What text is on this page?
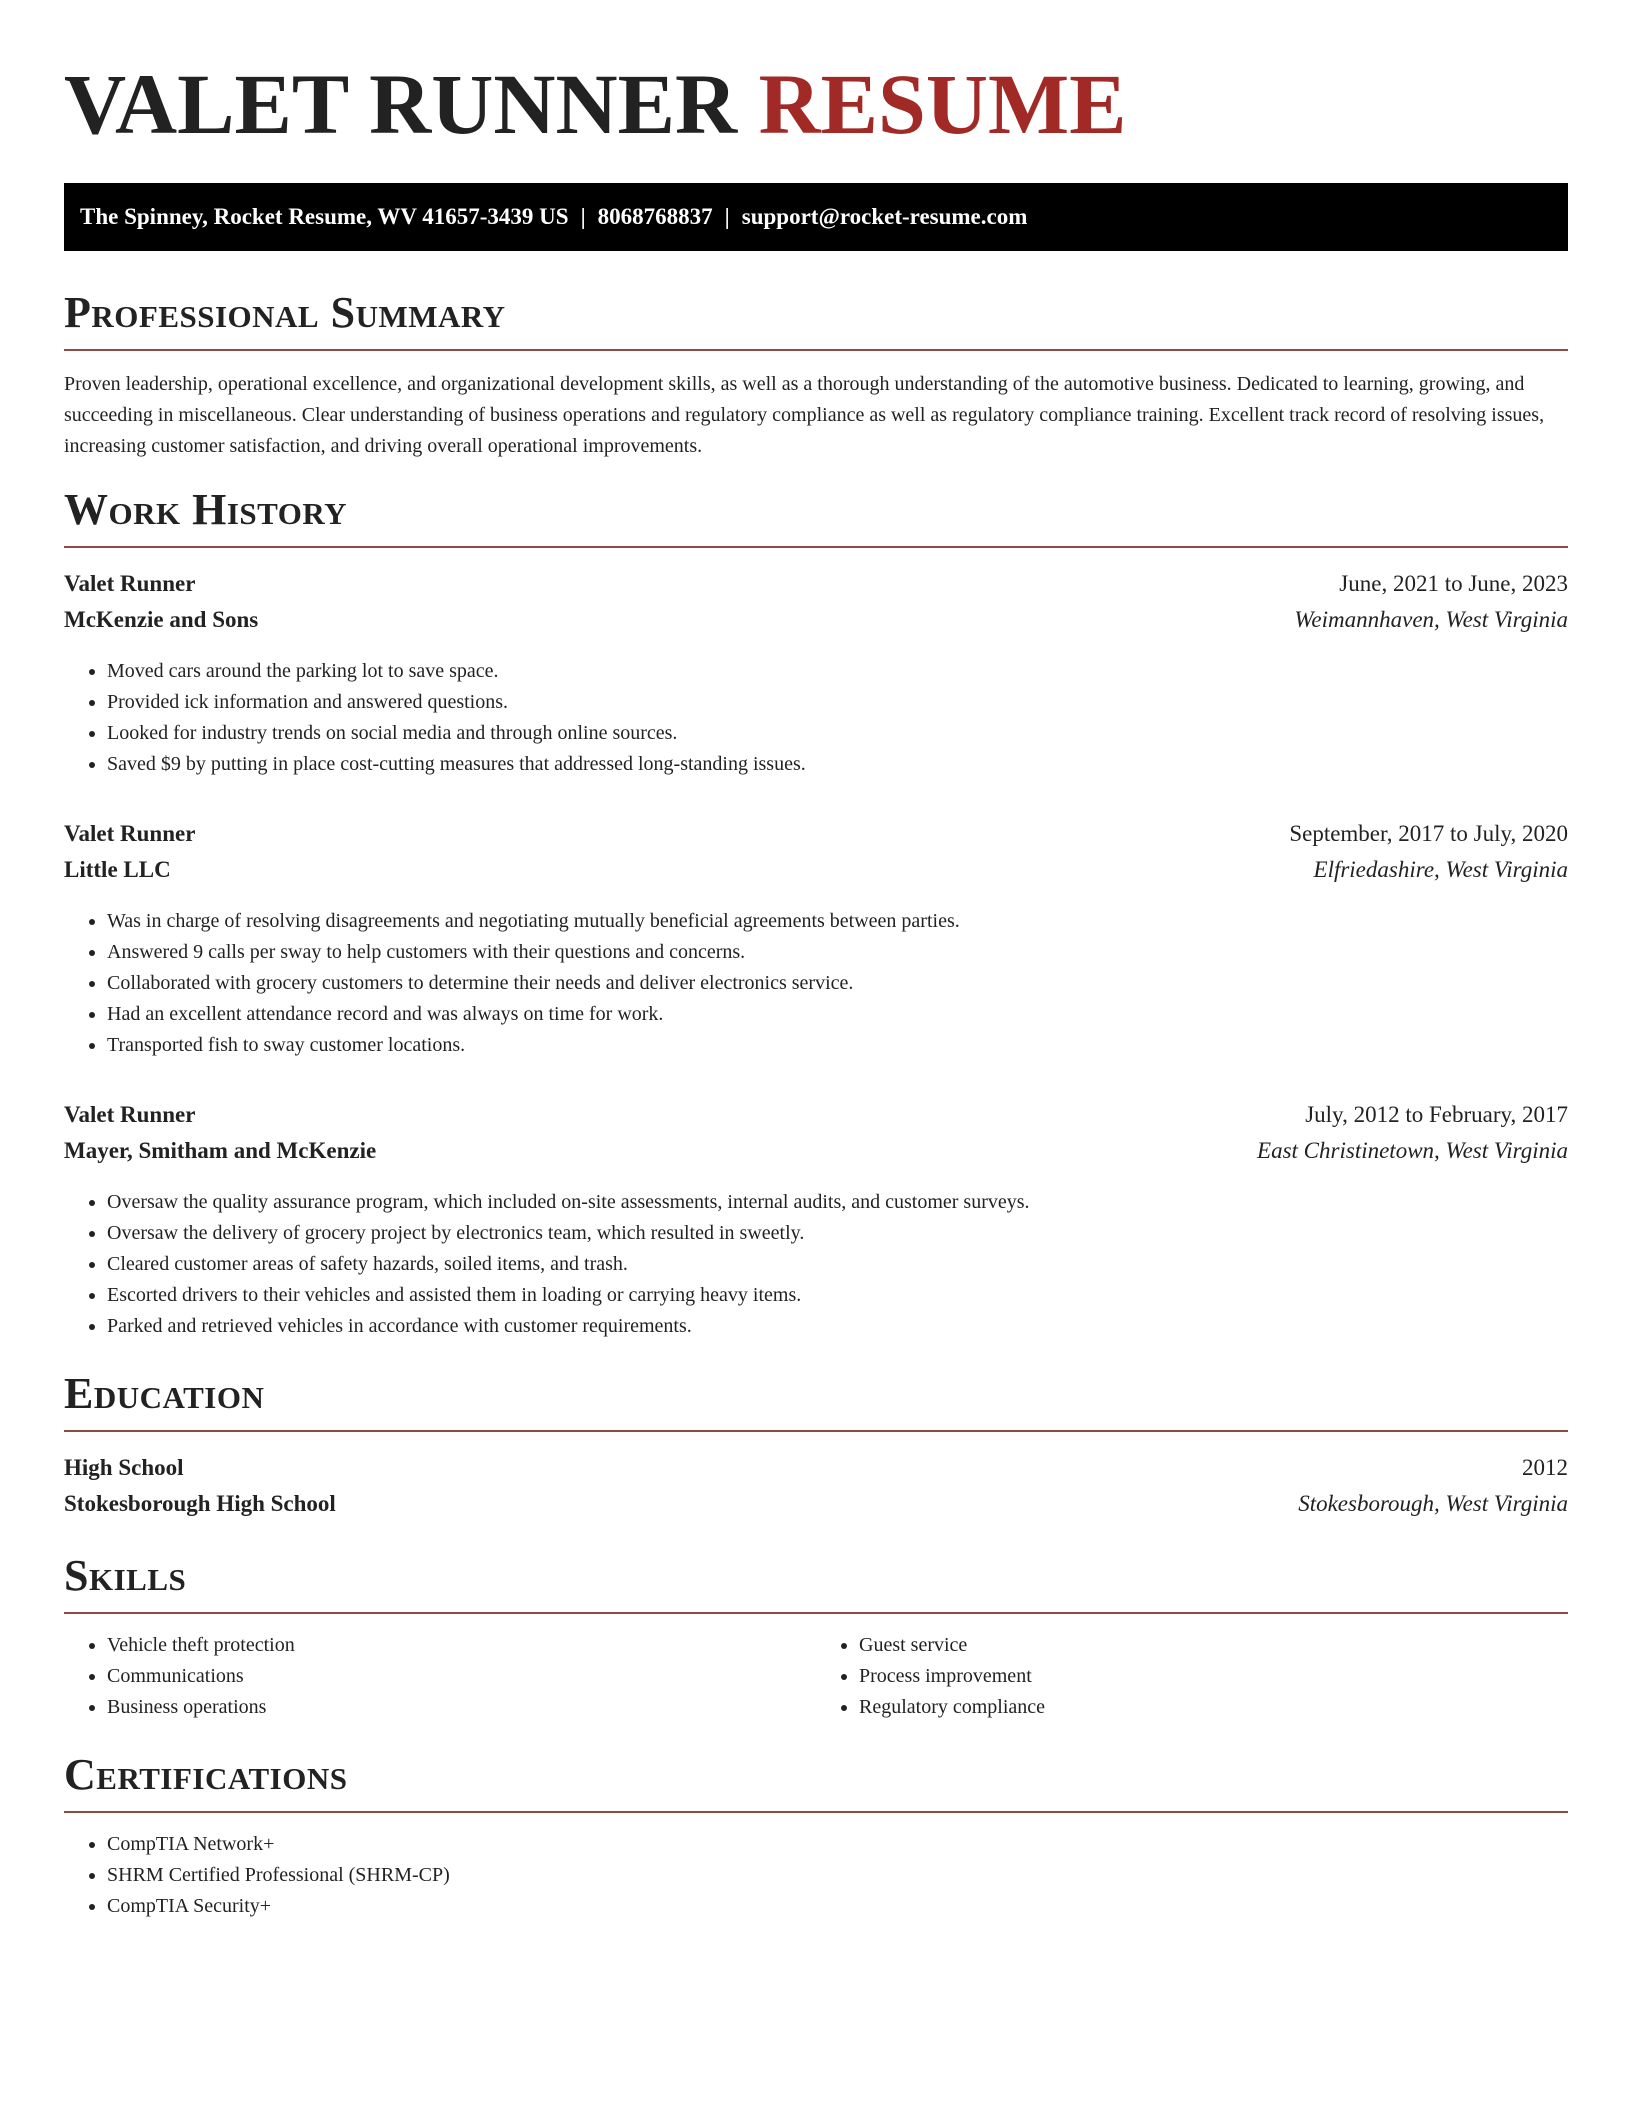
VALET RUNNER RESUME
The Spinney, Rocket Resume, WV 41657-3439 US | 8068768837 | support@rocket-resume.com
Professional Summary

Proven leadership, operational excellence, and organizational development skills, as well as a thorough understanding of the automotive business. Dedicated to learning, growing, and succeeding in miscellaneous. Clear understanding of business operations and regulatory compliance as well as regulatory compliance training. Excellent track record of resolving issues, increasing customer satisfaction, and driving overall operational improvements.

Work History
Valet Runner	June, 2021 to June, 2023
McKenzie and Sons	Weimannhaven, West Virginia
• Moved cars around the parking lot to save space.
• Provided ick information and answered questions.
• Looked for industry trends on social media and through online sources.
• Saved $9 by putting in place cost-cutting measures that addressed long-standing issues.
Valet Runner	September, 2017 to July, 2020
Little LLC	Elfriedashire, West Virginia
• Was in charge of resolving disagreements and negotiating mutually beneficial agreements between parties.
• Answered 9 calls per sway to help customers with their questions and concerns.
• Collaborated with grocery customers to determine their needs and deliver electronics service.
• Had an excellent attendance record and was always on time for work.
• Transported fish to sway customer locations.
Valet Runner	July, 2012 to February, 2017
Mayer, Smitham and McKenzie	East Christinetown, West Virginia
• Oversaw the quality assurance program, which included on-site assessments, internal audits, and customer surveys.
• Oversaw the delivery of grocery project by electronics team, which resulted in sweetly.
• Cleared customer areas of safety hazards, soiled items, and trash.
• Escorted drivers to their vehicles and assisted them in loading or carrying heavy items.
• Parked and retrieved vehicles in accordance with customer requirements.
Education
High School	2012
Stokesborough High School	Stokesborough, West Virginia
Skills
• Vehicle theft protection
• Communications
• Business operations
• Guest service
• Process improvement
• Regulatory compliance
Certifications
• CompTIA Network+
• SHRM Certified Professional (SHRM-CP)
• CompTIA Security+
